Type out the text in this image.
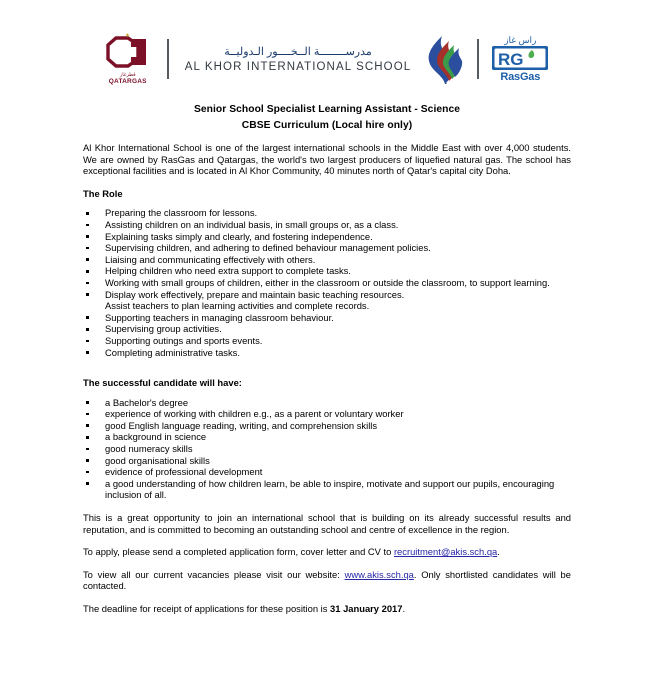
قطرغاز
QATARGAS
مدرســــــــة الــخــــور الـدوليــة
AL KHOR INTERNATIONAL SCHOOL
راس غاز
RG
RasGas
Senior School Specialist Learning Assistant - Science
CBSE Curriculum (Local hire only)

Al Khor International School is one of the largest international schools in the Middle East with over 4,000 students. We are owned by RasGas and Qatargas, the world's two largest producers of liquefied natural gas. The school has exceptional facilities and is located in Al Khor Community, 40 minutes north of Qatar's capital city Doha.

The Role
Preparing the classroom for lessons.
Assisting children on an individual basis, in small groups or, as a class.
Explaining tasks simply and clearly, and fostering independence.
Supervising children, and adhering to defined behaviour management policies.
Liaising and communicating effectively with others.
Helping children who need extra support to complete tasks.
Working with small groups of children, either in the classroom or outside the classroom, to support learning.
Display work effectively, prepare and maintain basic teaching resources.
Assist teachers to plan learning activities and complete records.
Supporting teachers in managing classroom behaviour.
Supervising group activities.
Supporting outings and sports events.
Completing administrative tasks.
The successful candidate will have:
a Bachelor's degree
experience of working with children e.g., as a parent or voluntary worker
good English language reading, writing, and comprehension skills
a background in science
good numeracy skills
good organisational skills
evidence of professional development
a good understanding of how children learn, be able to inspire, motivate and support our pupils, encouraging inclusion of all.

This is a great opportunity to join an international school that is building on its already successful results and reputation, and is committed to becoming an outstanding school and centre of excellence in the region.

To apply, please send a completed application form, cover letter and CV to recruitment@akis.sch.qa.

To view all our current vacancies please visit our website: www.akis.sch.qa. Only shortlisted candidates will be contacted.

The deadline for receipt of applications for these position is 31 January 2017.
